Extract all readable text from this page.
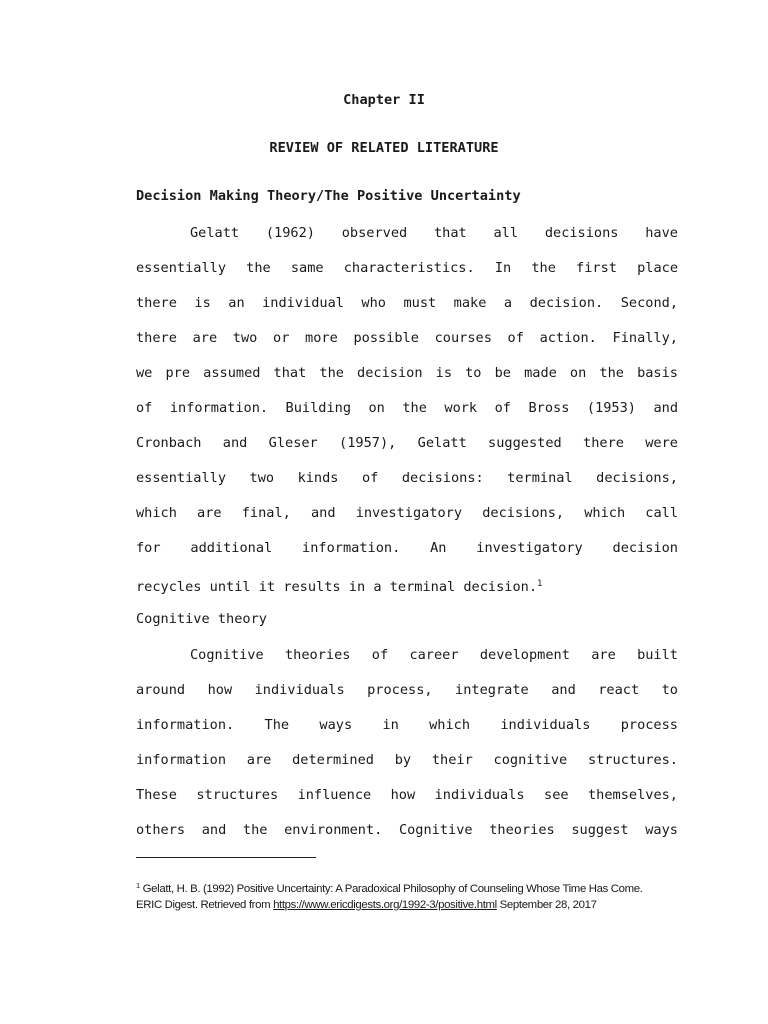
Chapter II
REVIEW OF RELATED LITERATURE
Decision Making Theory/The Positive Uncertainty
Gelatt (1962) observed that all decisions have
essentially the same characteristics. In the first place
there is an individual who must make a decision. Second,
there are two or more possible courses of action. Finally,
we pre assumed that the decision is to be made on the basis
of information. Building on the work of Bross (1953) and
Cronbach and Gleser (1957), Gelatt suggested there were
essentially two kinds of decisions: terminal decisions,
which are final, and investigatory decisions, which call
for additional information. An investigatory decision
recycles until it results in a terminal decision.$^1$
Cognitive theory
Cognitive theories of career development are built
around how individuals process, integrate and react to
information. The ways in which individuals process
information are determined by their cognitive structures.
These structures influence how individuals see themselves,
others and the environment. Cognitive theories suggest ways
$^1$ Gelatt, H. B. (1992) Positive Uncertainty: A Paradoxical Philosophy of Counseling Whose Time Has Come.
ERIC Digest. Retrieved from https://www.ericdigests.org/1992-3/positive.html September 28, 2017
